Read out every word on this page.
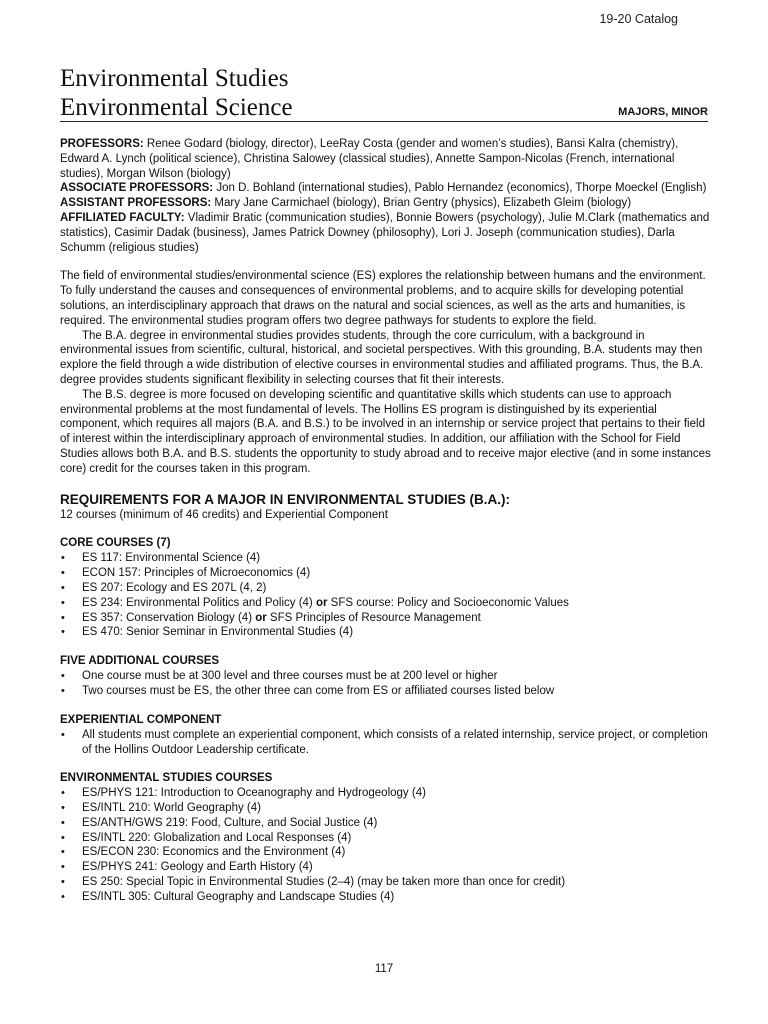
19-20 Catalog
Environmental Studies
Environmental Science	MAJORS, MINOR

PROFESSORS: Renee Godard (biology, director), LeeRay Costa (gender and women’s studies), Bansi Kalra (chemistry), Edward A. Lynch (political science), Christina Salowey (classical studies), Annette Sampon-Nicolas (French, international studies), Morgan Wilson (biology)

ASSOCIATE PROFESSORS: Jon D. Bohland (international studies), Pablo Hernandez (economics), Thorpe Moeckel (English)

ASSISTANT PROFESSORS: Mary Jane Carmichael (biology), Brian Gentry (physics), Elizabeth Gleim (biology)

AFFILIATED FACULTY: Vladimir Bratic (communication studies), Bonnie Bowers (psychology), Julie M.Clark (mathematics and statistics), Casimir Dadak (business), James Patrick Downey (philosophy), Lori J. Joseph (communication studies), Darla Schumm (religious studies)

The field of environmental studies/environmental science (ES) explores the relationship between humans and the environment. To fully understand the causes and consequences of environmental problems, and to acquire skills for developing potential solutions, an interdisciplinary approach that draws on the natural and social sciences, as well as the arts and humanities, is required. The environmental studies program offers two degree pathways for students to explore the field.

The B.A. degree in environmental studies provides students, through the core curriculum, with a background in environmental issues from scientific, cultural, historical, and societal perspectives. With this grounding, B.A. students may then explore the field through a wide distribution of elective courses in environmental studies and affiliated programs. Thus, the B.A. degree provides students significant flexibility in selecting courses that fit their interests.

The B.S. degree is more focused on developing scientific and quantitative skills which students can use to approach environmental problems at the most fundamental of levels. The Hollins ES program is distinguished by its experiential component, which requires all majors (B.A. and B.S.) to be involved in an internship or service project that pertains to their field of interest within the interdisciplinary approach of environmental studies. In addition, our affiliation with the School for Field Studies allows both B.A. and B.S. students the opportunity to study abroad and to receive major elective (and in some instances core) credit for the courses taken in this program.

REQUIREMENTS FOR A MAJOR IN ENVIRONMENTAL STUDIES (B.A.):

12 courses (minimum of 46 credits) and Experiential Component

CORE COURSES (7)
• ES 117: Environmental Science (4)
• ECON 157: Principles of Microeconomics (4)
• ES 207: Ecology and ES 207L (4, 2)
• ES 234: Environmental Politics and Policy (4) or SFS course: Policy and Socioeconomic Values
• ES 357: Conservation Biology (4) or SFS Principles of Resource Management
• ES 470: Senior Seminar in Environmental Studies (4)
FIVE ADDITIONAL COURSES
• One course must be at 300 level and three courses must be at 200 level or higher
• Two courses must be ES, the other three can come from ES or affiliated courses listed below
EXPERIENTIAL COMPONENT
• All students must complete an experiential component, which consists of a related internship, service project, or completion of the Hollins Outdoor Leadership certificate.
ENVIRONMENTAL STUDIES COURSES
• ES/PHYS 121: Introduction to Oceanography and Hydrogeology (4)
• ES/INTL 210: World Geography (4)
• ES/ANTH/GWS 219: Food, Culture, and Social Justice (4)
• ES/INTL 220: Globalization and Local Responses (4)
• ES/ECON 230: Economics and the Environment (4)
• ES/PHYS 241: Geology and Earth History (4)
• ES 250: Special Topic in Environmental Studies (2–4) (may be taken more than once for credit)
• ES/INTL 305: Cultural Geography and Landscape Studies (4)
117
